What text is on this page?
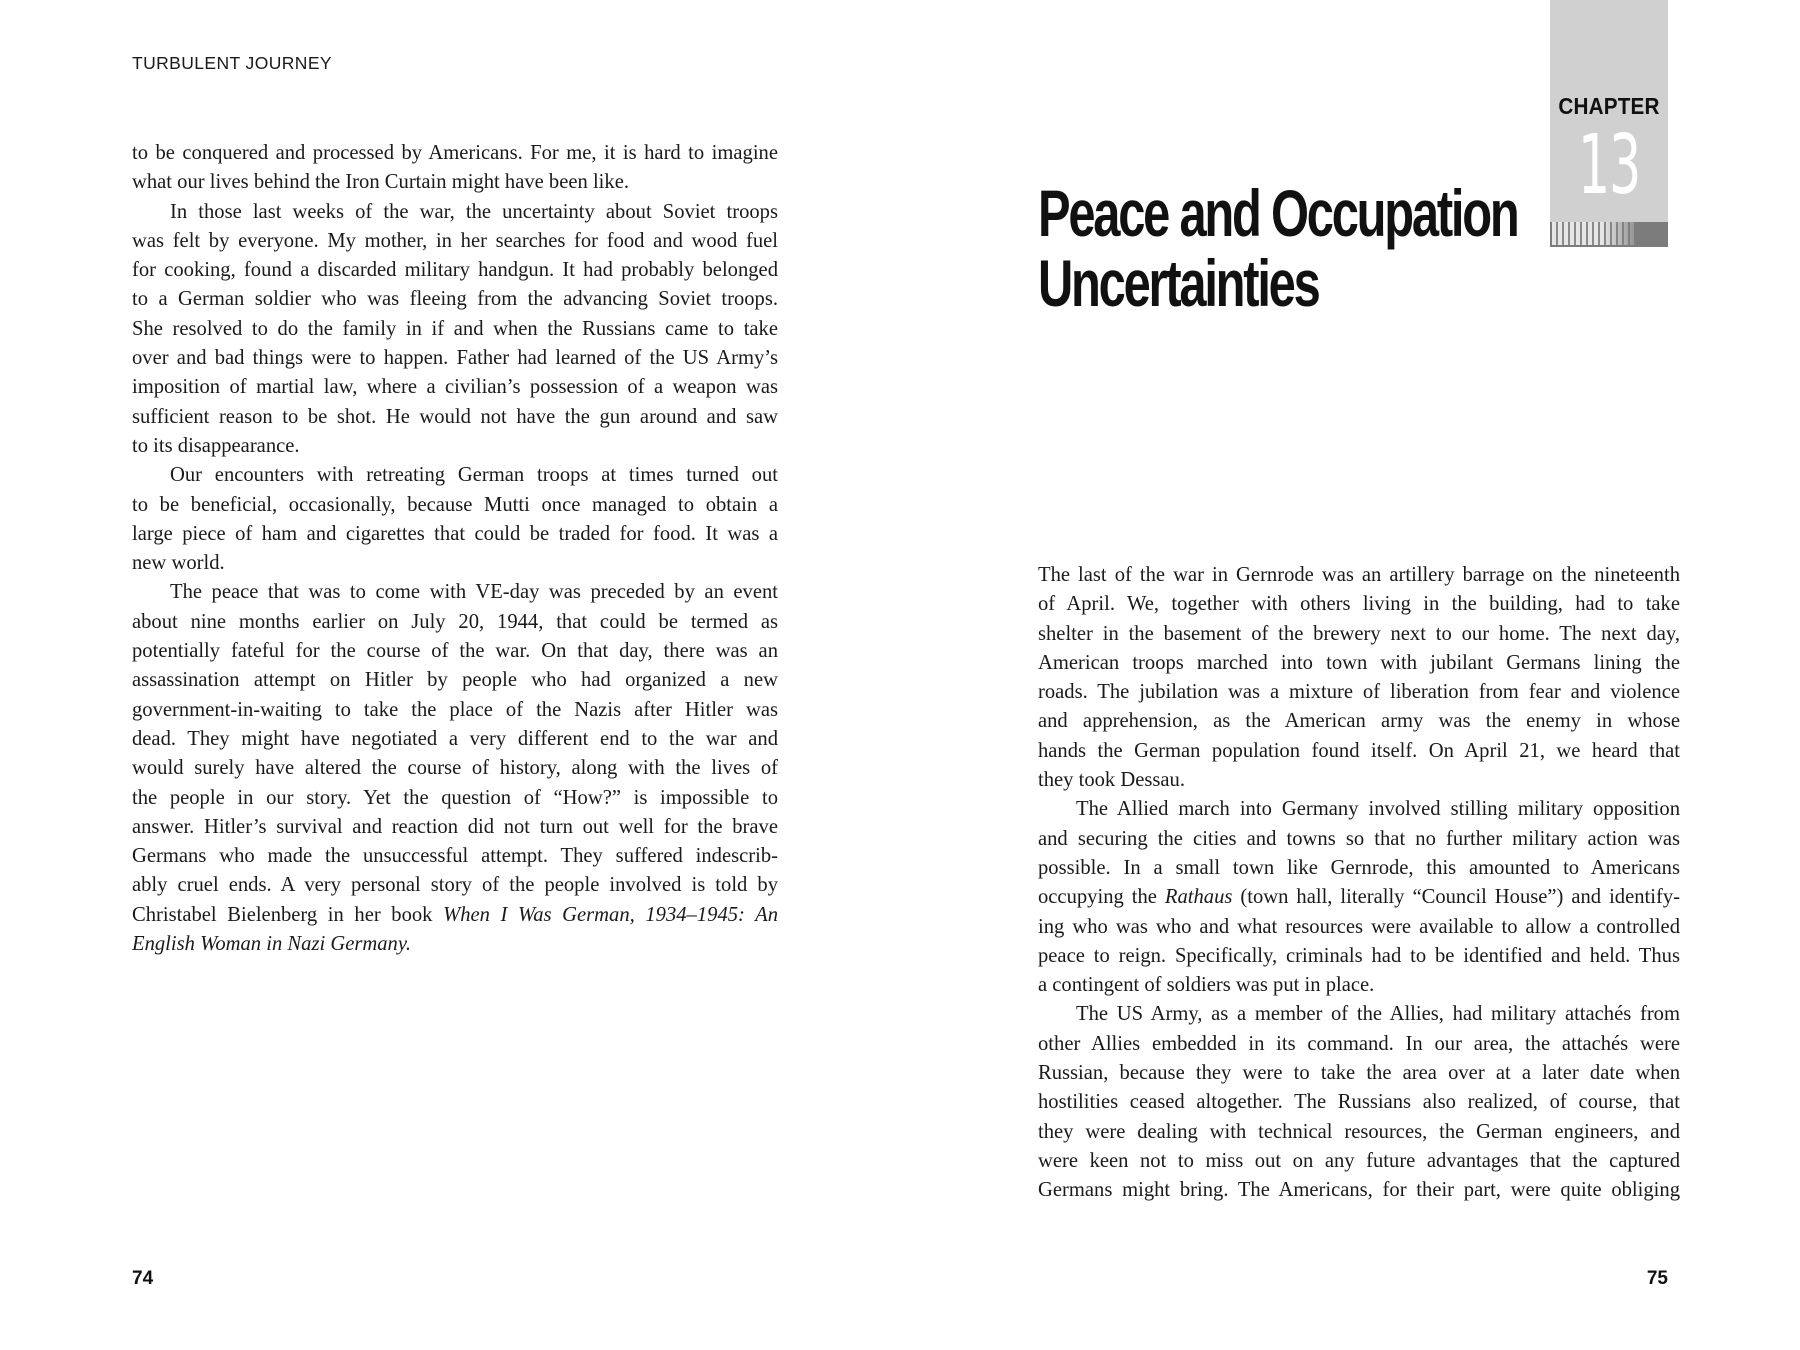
TURBULENT JOURNEY
to be conquered and processed by Americans. For me, it is hard to imagine
what our lives behind the Iron Curtain might have been like.
In those last weeks of the war, the uncertainty about Soviet troops
was felt by everyone. My mother, in her searches for food and wood fuel
for cooking, found a discarded military handgun. It had probably belonged
to a German soldier who was fleeing from the advancing Soviet troops.
She resolved to do the family in if and when the Russians came to take
over and bad things were to happen. Father had learned of the US Army’s
imposition of martial law, where a civilian’s possession of a weapon was
sufficient reason to be shot. He would not have the gun around and saw
to its disappearance.
Our encounters with retreating German troops at times turned out
to be beneficial, occasionally, because Mutti once managed to obtain a
large piece of ham and cigarettes that could be traded for food. It was a
new world.
The peace that was to come with VE-day was preceded by an event
about nine months earlier on July 20, 1944, that could be termed as
potentially fateful for the course of the war. On that day, there was an
assassination attempt on Hitler by people who had organized a new
government-in-waiting to take the place of the Nazis after Hitler was
dead. They might have negotiated a very different end to the war and
would surely have altered the course of history, along with the lives of
the people in our story. Yet the question of “How?” is impossible to
answer. Hitler’s survival and reaction did not turn out well for the brave
Germans who made the unsuccessful attempt. They suffered indescrib-
ably cruel ends. A very personal story of the people involved is told by
Christabel Bielenberg in her book When I Was German, 1934–1945: An
English Woman in Nazi Germany.
74
CHAPTER
13
Peace and Occupation
Uncertainties
The last of the war in Gernrode was an artillery barrage on the nineteenth
of April. We, together with others living in the building, had to take
shelter in the basement of the brewery next to our home. The next day,
American troops marched into town with jubilant Germans lining the
roads. The jubilation was a mixture of liberation from fear and violence
and apprehension, as the American army was the enemy in whose
hands the German population found itself. On April 21, we heard that
they took Dessau.
The Allied march into Germany involved stilling military opposition
and securing the cities and towns so that no further military action was
possible. In a small town like Gernrode, this amounted to Americans
occupying the Rathaus (town hall, literally “Council House”) and identify-
ing who was who and what resources were available to allow a controlled
peace to reign. Specifically, criminals had to be identified and held. Thus
a contingent of soldiers was put in place.
The US Army, as a member of the Allies, had military attachés from
other Allies embedded in its command. In our area, the attachés were
Russian, because they were to take the area over at a later date when
hostilities ceased altogether. The Russians also realized, of course, that
they were dealing with technical resources, the German engineers, and
were keen not to miss out on any future advantages that the captured
Germans might bring. The Americans, for their part, were quite obliging
75
